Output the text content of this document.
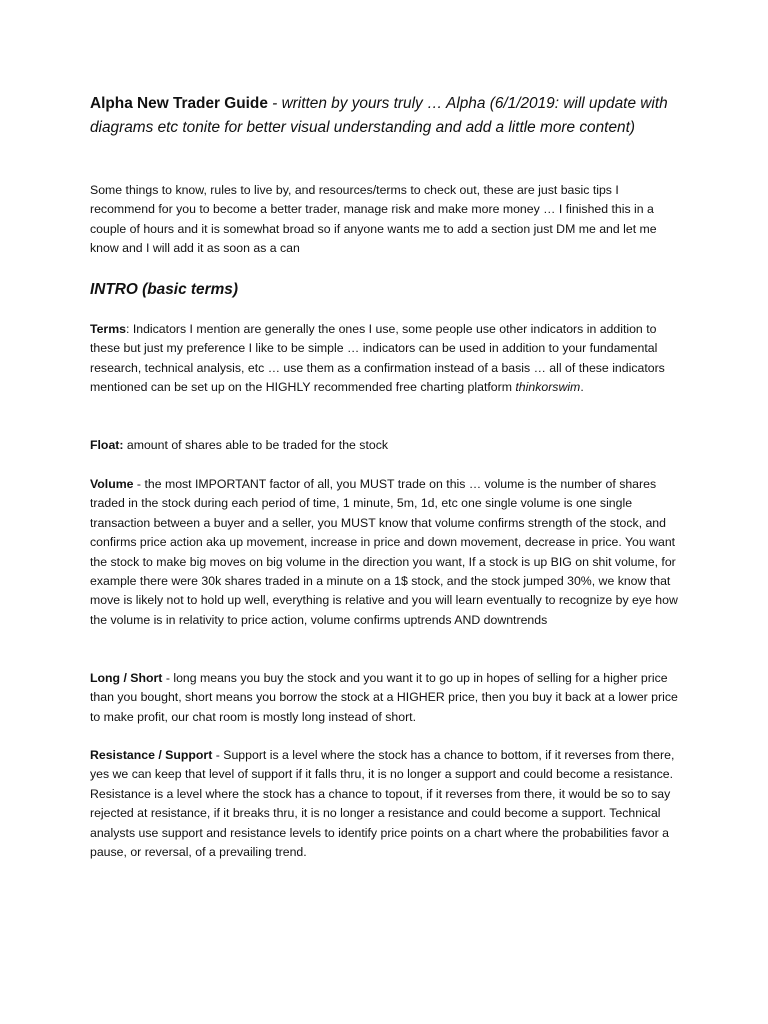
Alpha New Trader Guide - written by yours truly … Alpha (6/1/2019: will update with diagrams etc tonite for better visual understanding and add a little more content)
Some things to know, rules to live by, and resources/terms to check out, these are just basic tips I recommend for you to become a better trader, manage risk and make more money … I finished this in a couple of hours and it is somewhat broad so if anyone wants me to add a section just DM me and let me know and I will add it as soon as a can
INTRO (basic terms)
Terms: Indicators I mention are generally the ones I use, some people use other indicators in addition to these but just my preference I like to be simple … indicators can be used in addition to your fundamental research, technical analysis, etc … use them as a confirmation instead of a basis … all of these indicators mentioned can be set up on the HIGHLY recommended free charting platform thinkorswim.
Float: amount of shares able to be traded for the stock
Volume - the most IMPORTANT factor of all, you MUST trade on this … volume is the number of shares traded in the stock during each period of time, 1 minute, 5m, 1d, etc one single volume is one single transaction between a buyer and a seller, you MUST know that volume confirms strength of the stock, and confirms price action aka up movement, increase in price and down movement, decrease in price. You want the stock to make big moves on big volume in the direction you want, If a stock is up BIG on shit volume, for example there were 30k shares traded in a minute on a 1$ stock, and the stock jumped 30%, we know that move is likely not to hold up well, everything is relative and you will learn eventually to recognize by eye how the volume is in relativity to price action, volume confirms uptrends AND downtrends
Long / Short - long means you buy the stock and you want it to go up in hopes of selling for a higher price than you bought, short means you borrow the stock at a HIGHER price, then you buy it back at a lower price to make profit, our chat room is mostly long instead of short.
Resistance / Support - Support is a level where the stock has a chance to bottom, if it reverses from there, yes we can keep that level of support if it falls thru, it is no longer a support and could become a resistance. Resistance is a level where the stock has a chance to topout, if it reverses from there, it would be so to say rejected at resistance, if it breaks thru, it is no longer a resistance and could become a support. Technical analysts use support and resistance levels to identify price points on a chart where the probabilities favor a pause, or reversal, of a prevailing trend.
